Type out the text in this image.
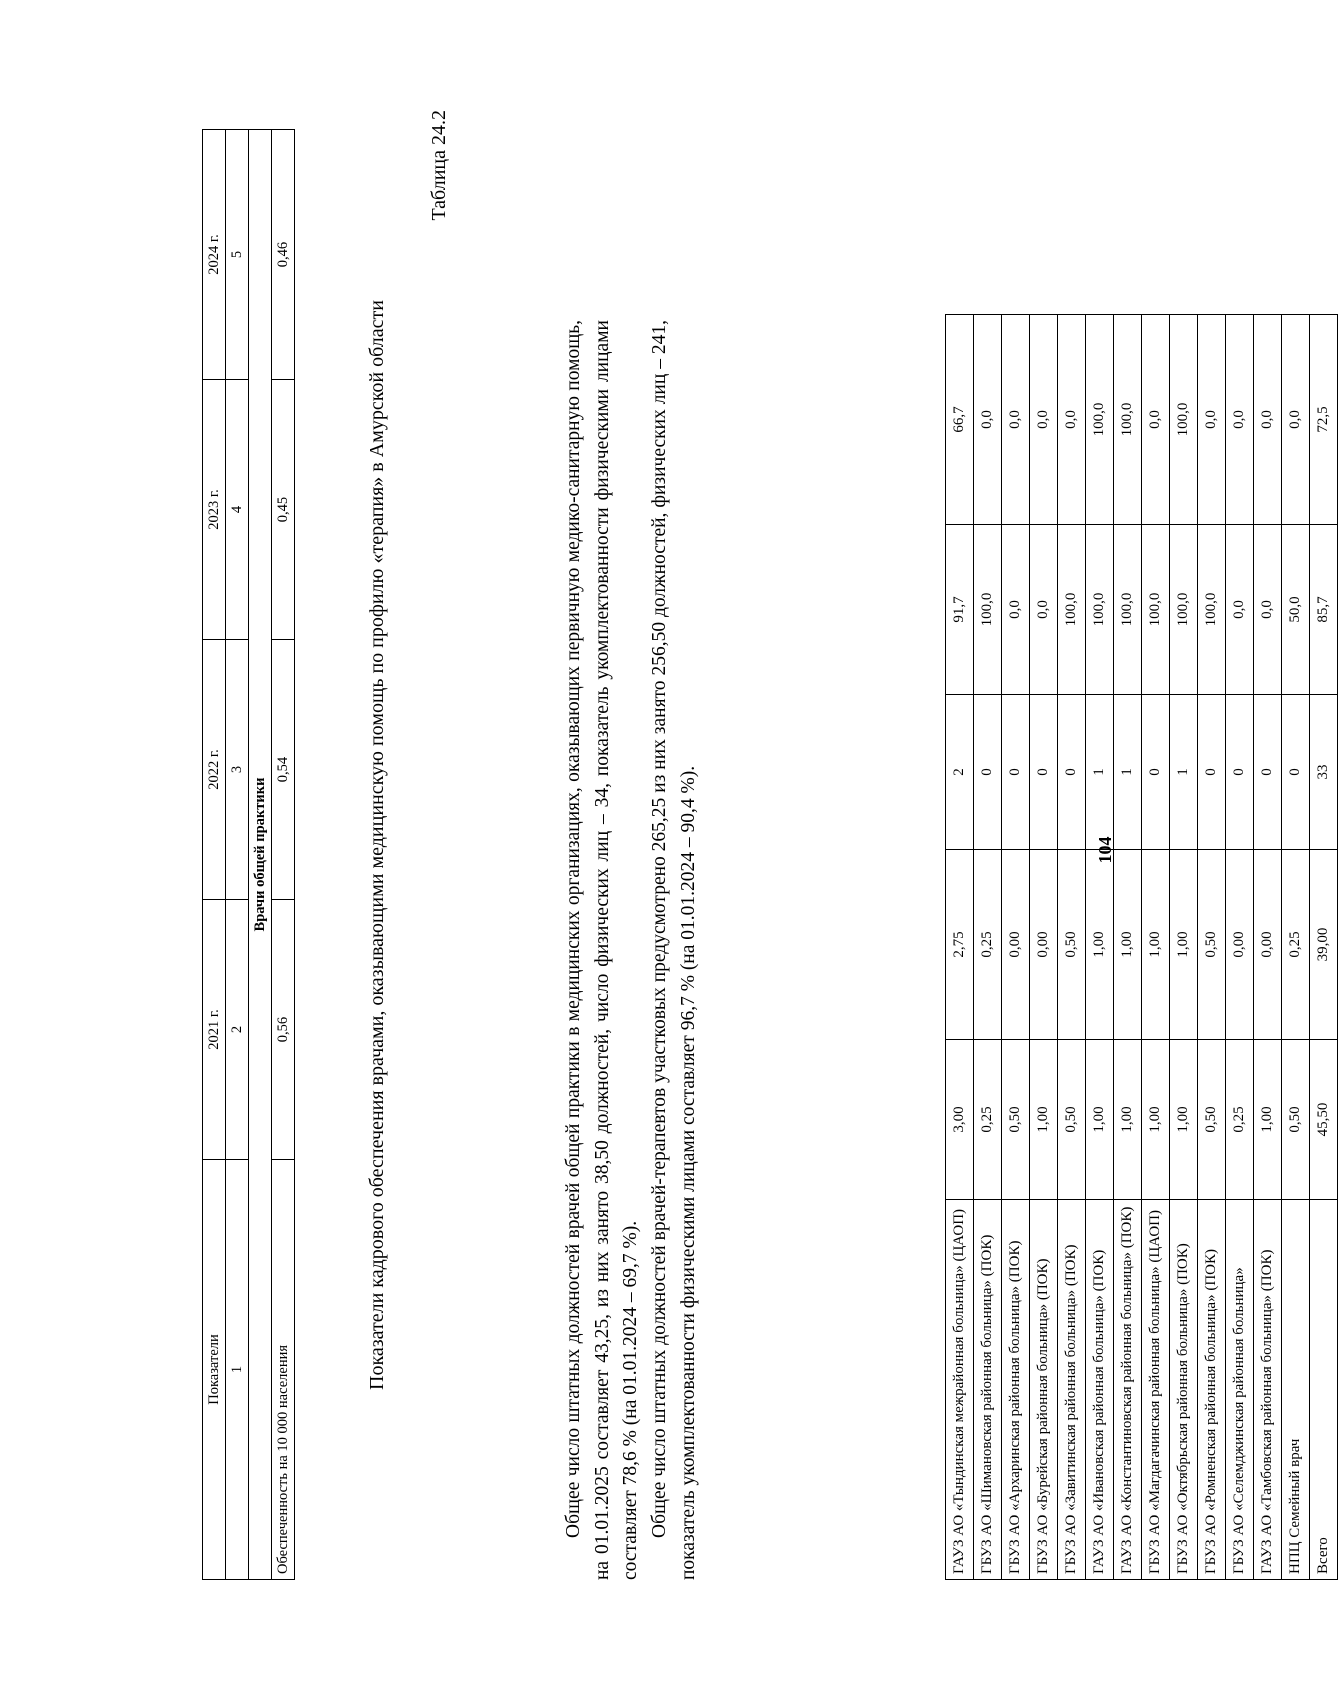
104
ГАУЗ АО «Тындинская межрайонная больница» (ЦАОП)	3,00	2,75	2	91,7	66,7
ГБУЗ АО «Шимановская районная больница» (ПОК)	0,25	0,25	0	100,0	0,0
ГБУЗ АО «Архаринская районная больница» (ПОК)	0,50	0,00	0	0,0	0,0
ГБУЗ АО «Бурейская районная больница» (ПОК)	1,00	0,00	0	0,0	0,0
ГБУЗ АО «Завитинская районная больница» (ПОК)	0,50	0,50	0	100,0	0,0
ГАУЗ АО «Ивановская районная больница» (ПОК)	1,00	1,00	1	100,0	100,0
ГАУЗ АО «Константиновская районная больница» (ПОК)	1,00	1,00	1	100,0	100,0
ГБУЗ АО «Магдагачинская районная больница» (ЦАОП)	1,00	1,00	0	100,0	0,0
ГБУЗ АО «Октябрьская районная больница» (ПОК)	1,00	1,00	1	100,0	100,0
ГБУЗ АО «Ромненская районная больница» (ПОК)	0,50	0,50	0	100,0	0,0
ГБУЗ АО «Селемджинская районная больница»	0,25	0,00	0	0,0	0,0
ГАУЗ АО «Тамбовская районная больница» (ПОК)	1,00	0,00	0	0,0	0,0
НПЦ Семейный врач	0,50	0,25	0	50,0	0,0
Всего	45,50	39,00	33	85,7	72,5
Общее число штатных должностей врачей общей практики в медицинских организациях, оказывающих первичную медико-санитарную помощь, на 01.01.2025 составляет 43,25, из них занято 38,50 должностей, число физических лиц – 34, показатель укомплектованности физическими лицами составляет 78,6 % (на 01.01.2024 – 69,7 %). Общее число штатных должностей врачей-терапевтов участковых предусмотрено 265,25 из них занято 256,50 должностей, физических лиц – 241, показатель укомплектованности физическими лицами составляет 96,7 % (на 01.01.2024 – 90,4 %).
Таблица 24.2
Показатели кадрового обеспечения врачами, оказывающими медицинскую помощь по профилю «терапия» в Амурской области
Показатели	2021 г.	2022 г.	2023 г.	2024 г.
1	2	3	4	5
Врачи общей практики				
Обеспеченность на 10 000 населения	0,56	0,54	0,45	0,46
